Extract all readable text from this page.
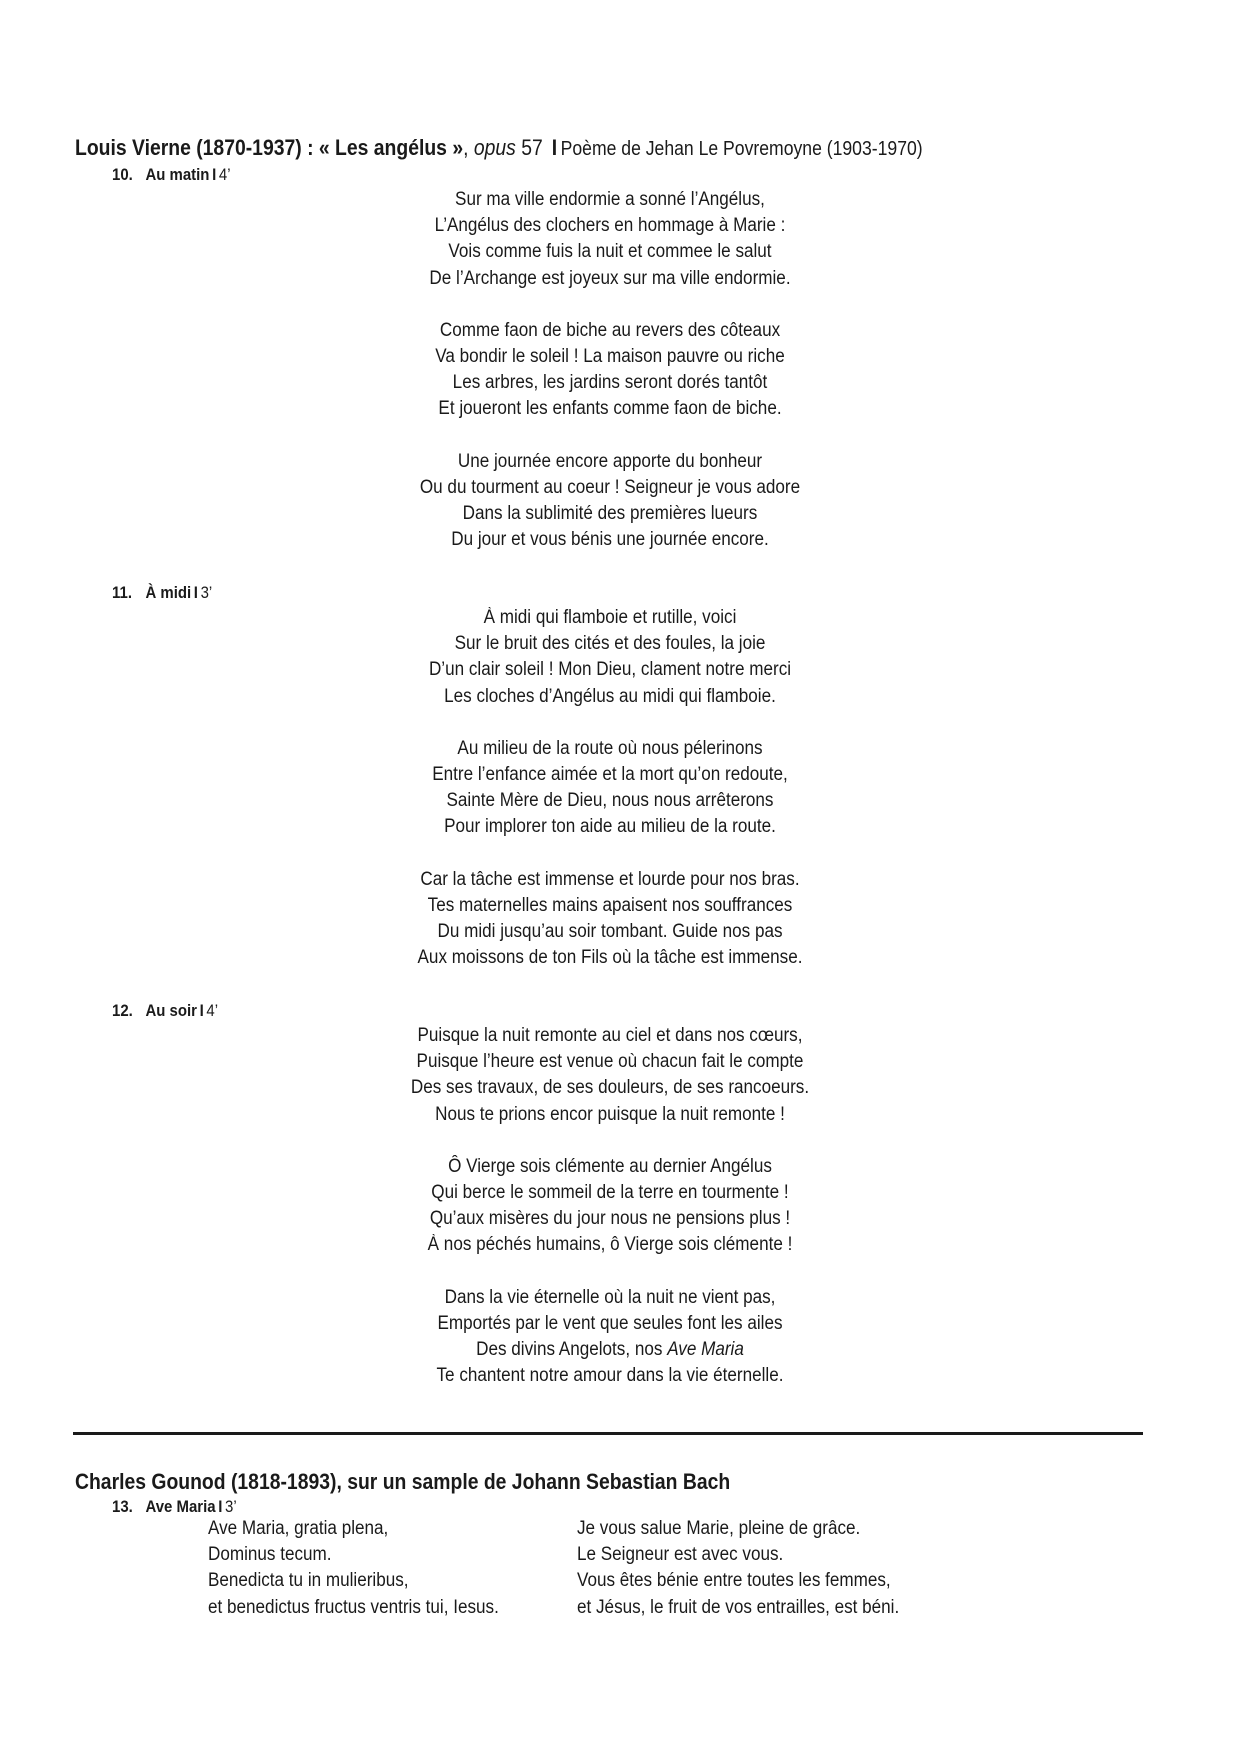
Louis Vierne (1870-1937) : « Les angélus », opus 57 I Poème de Jehan Le Povremoyne (1903-1970)
10. Au matin I 4’
Sur ma ville endormie a sonné l’Angélus,
L’Angélus des clochers en hommage à Marie :
Vois comme fuis la nuit et commee le salut
De l’Archange est joyeux sur ma ville endormie.
Comme faon de biche au revers des côteaux
Va bondir le soleil ! La maison pauvre ou riche
Les arbres, les jardins seront dorés tantôt
Et joueront les enfants comme faon de biche.
Une journée encore apporte du bonheur
Ou du tourment au coeur ! Seigneur je vous adore
Dans la sublimité des premières lueurs
Du jour et vous bénis une journée encore.
11. À midi I 3’
À midi qui flamboie et rutille, voici
Sur le bruit des cités et des foules, la joie
D’un clair soleil ! Mon Dieu, clament notre merci
Les cloches d’Angélus au midi qui flamboie.
Au milieu de la route où nous pélerinons
Entre l’enfance aimée et la mort qu’on redoute,
Sainte Mère de Dieu, nous nous arrêterons
Pour implorer ton aide au milieu de la route.
Car la tâche est immense et lourde pour nos bras.
Tes maternelles mains apaisent nos souffrances
Du midi jusqu’au soir tombant. Guide nos pas
Aux moissons de ton Fils où la tâche est immense.
12. Au soir I 4’
Puisque la nuit remonte au ciel et dans nos cœurs,
Puisque l’heure est venue où chacun fait le compte
Des ses travaux, de ses douleurs, de ses rancoeurs.
Nous te prions encor puisque la nuit remonte !
Ô Vierge sois clémente au dernier Angélus
Qui berce le sommeil de la terre en tourmente !
Qu’aux misères du jour nous ne pensions plus !
À nos péchés humains, ô Vierge sois clémente !
Dans la vie éternelle où la nuit ne vient pas,
Emportés par le vent que seules font les ailes
Des divins Angelots, nos Ave Maria
Te chantent notre amour dans la vie éternelle.
Charles Gounod (1818-1893), sur un sample de Johann Sebastian Bach
13. Ave Maria I 3’
Ave Maria, gratia plena,
Dominus tecum.
Benedicta tu in mulieribus,
et benedictus fructus ventris tui, Iesus.
Je vous salue Marie, pleine de grâce.
Le Seigneur est avec vous.
Vous êtes bénie entre toutes les femmes,
et Jésus, le fruit de vos entrailles, est béni.
